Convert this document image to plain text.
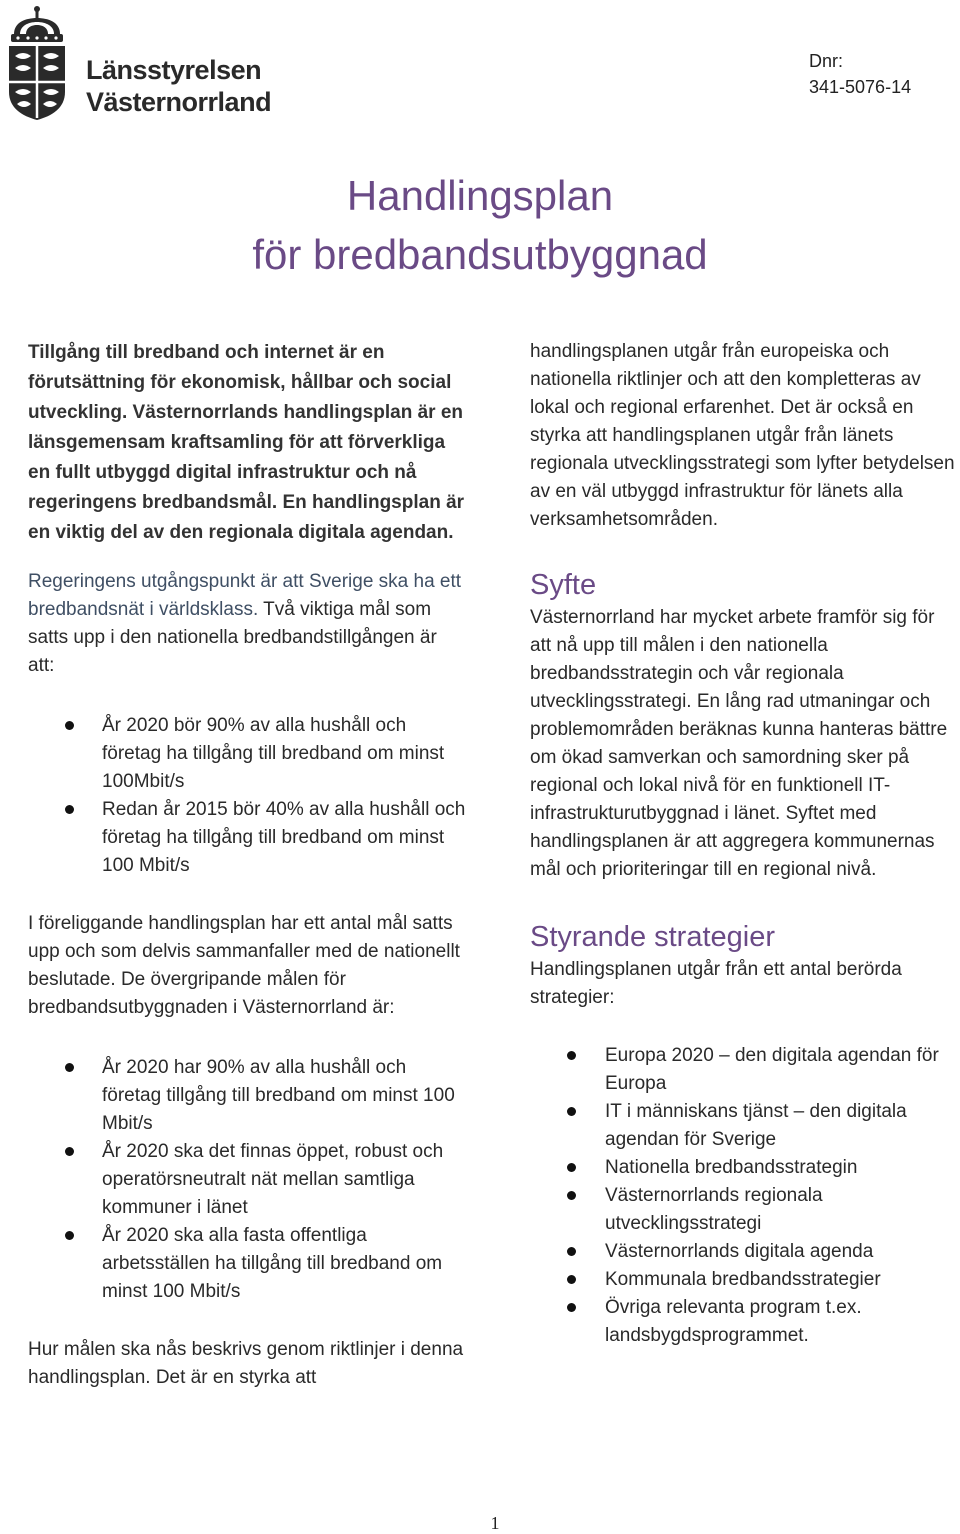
Länsstyrelsen
Västernorrland
Dnr:
341-5076-14
Handlingsplan
för bredbandsutbyggnad

Tillgång till bredband och internet är en förutsättning för ekonomisk, hållbar och social utveckling. Västernorrlands handlingsplan är en länsgemensam kraftsamling för att förverkliga en fullt utbyggd digital infrastruktur och nå regeringens bredbandsmål. En handlingsplan är en viktig del av den regionala digitala agendan.

Regeringens utgångspunkt är att Sverige ska ha ett bredbandsnät i världsklass. Två viktiga mål som satts upp i den nationella bredbandstillgången är att:

År 2020 bör 90% av alla hushåll och företag ha tillgång till bredband om minst 100Mbit/s
Redan år 2015 bör 40% av alla hushåll och företag ha tillgång till bredband om minst 100 Mbit/s

I föreliggande handlingsplan har ett antal mål satts upp och som delvis sammanfaller med de nationellt beslutade. De övergripande målen för bredbandsutbyggnaden i Västernorrland är:

År 2020 har 90% av alla hushåll och företag tillgång till bredband om minst 100 Mbit/s
År 2020 ska det finnas öppet, robust och operatörsneutralt nät mellan samtliga kommuner i länet
År 2020 ska alla fasta offentliga arbetsställen ha tillgång till bredband om minst 100 Mbit/s

Hur målen ska nås beskrivs genom riktlinjer i denna handlingsplan. Det är en styrka att

handlingsplanen utgår från europeiska och nationella riktlinjer och att den kompletteras av lokal och regional erfarenhet. Det är också en styrka att handlingsplanen utgår från länets regionala utvecklingsstrategi som lyfter betydelsen av en väl utbyggd infrastruktur för länets alla verksamhetsområden.

Syfte

Västernorrland har mycket arbete framför sig för att nå upp till målen i den nationella bredbandsstrategin och vår regionala utvecklingsstrategi. En lång rad utmaningar och problemområden beräknas kunna hanteras bättre om ökad samverkan och samordning sker på regional och lokal nivå för en funktionell IT-infrastrukturutbyggnad i länet. Syftet med handlingsplanen är att aggregera kommunernas mål och prioriteringar till en regional nivå.

Styrande strategier

Handlingsplanen utgår från ett antal berörda strategier:

Europa 2020 – den digitala agendan för Europa
IT i människans tjänst – den digitala agendan för Sverige
Nationella bredbandsstrategin
Västernorrlands regionala utvecklingsstrategi
Västernorrlands digitala agenda
Kommunala bredbandsstrategier
Övriga relevanta program t.ex. landsbygdsprogrammet.
1
